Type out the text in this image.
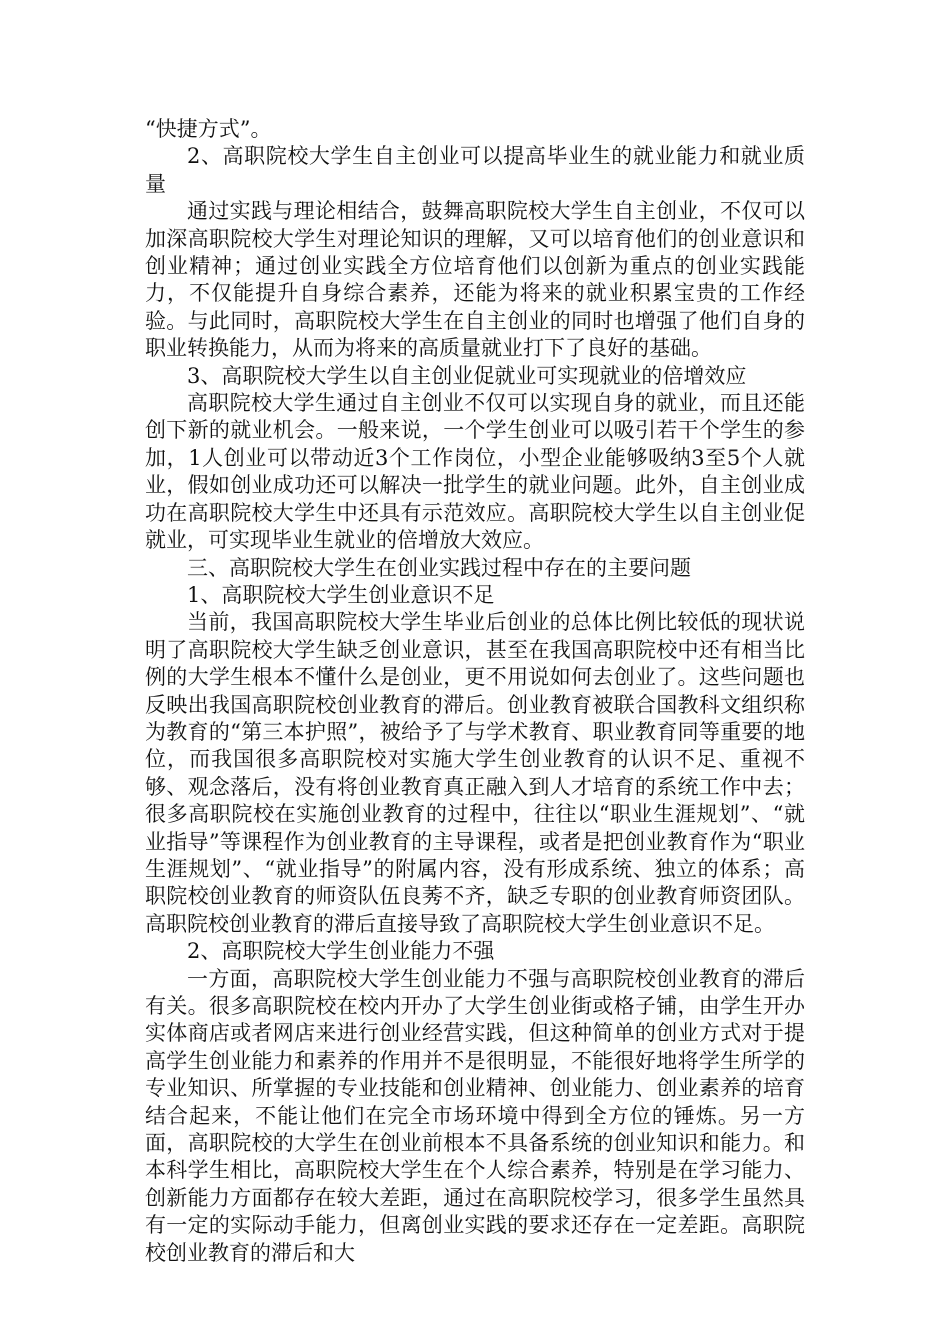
“快捷方式”。

2、高职院校大学生自主创业可以提高毕业生的就业能力和就业质量

通过实践与理论相结合，鼓舞高职院校大学生自主创业，不仅可以加深高职院校大学生对理论知识的理解，又可以培育他们的创业意识和创业精神；通过创业实践全方位培育他们以创新为重点的创业实践能力，不仅能提升自身综合素养，还能为将来的就业积累宝贵的工作经验。与此同时，高职院校大学生在自主创业的同时也增强了他们自身的职业转换能力，从而为将来的高质量就业打下了良好的基础。

3、高职院校大学生以自主创业促就业可实现就业的倍增效应

高职院校大学生通过自主创业不仅可以实现自身的就业，而且还能创下新的就业机会。一般来说，一个学生创业可以吸引若干个学生的参加，1人创业可以带动近3个工作岗位，小型企业能够吸纳3至5个人就业，假如创业成功还可以解决一批学生的就业问题。此外，自主创业成功在高职院校大学生中还具有示范效应。高职院校大学生以自主创业促就业，可实现毕业生就业的倍增放大效应。

三、高职院校大学生在创业实践过程中存在的主要问题

1、高职院校大学生创业意识不足

当前，我国高职院校大学生毕业后创业的总体比例比较低的现状说明了高职院校大学生缺乏创业意识，甚至在我国高职院校中还有相当比例的大学生根本不懂什么是创业，更不用说如何去创业了。这些问题也反映出我国高职院校创业教育的滞后。创业教育被联合国教科文组织称为教育的“第三本护照”，被给予了与学术教育、职业教育同等重要的地位，而我国很多高职院校对实施大学生创业教育的认识不足、重视不够、观念落后，没有将创业教育真正融入到人才培育的系统工作中去；很多高职院校在实施创业教育的过程中，往往以“职业生涯规划”、“就业指导”等课程作为创业教育的主导课程，或者是把创业教育作为“职业生涯规划”、“就业指导”的附属内容，没有形成系统、独立的体系；高职院校创业教育的师资队伍良莠不齐，缺乏专职的创业教育师资团队。高职院校创业教育的滞后直接导致了高职院校大学生创业意识不足。

2、高职院校大学生创业能力不强

一方面，高职院校大学生创业能力不强与高职院校创业教育的滞后有关。很多高职院校在校内开办了大学生创业街或格子铺，由学生开办实体商店或者网店来进行创业经营实践，但这种简单的创业方式对于提高学生创业能力和素养的作用并不是很明显，不能很好地将学生所学的专业知识、所掌握的专业技能和创业精神、创业能力、创业素养的培育结合起来，不能让他们在完全市场环境中得到全方位的锤炼。另一方面，高职院校的大学生在创业前根本不具备系统的创业知识和能力。和本科学生相比，高职院校大学生在个人综合素养，特别是在学习能力、创新能力方面都存在较大差距，通过在高职院校学习，很多学生虽然具有一定的实际动手能力，但离创业实践的要求还存在一定差距。高职院校创业教育的滞后和大
